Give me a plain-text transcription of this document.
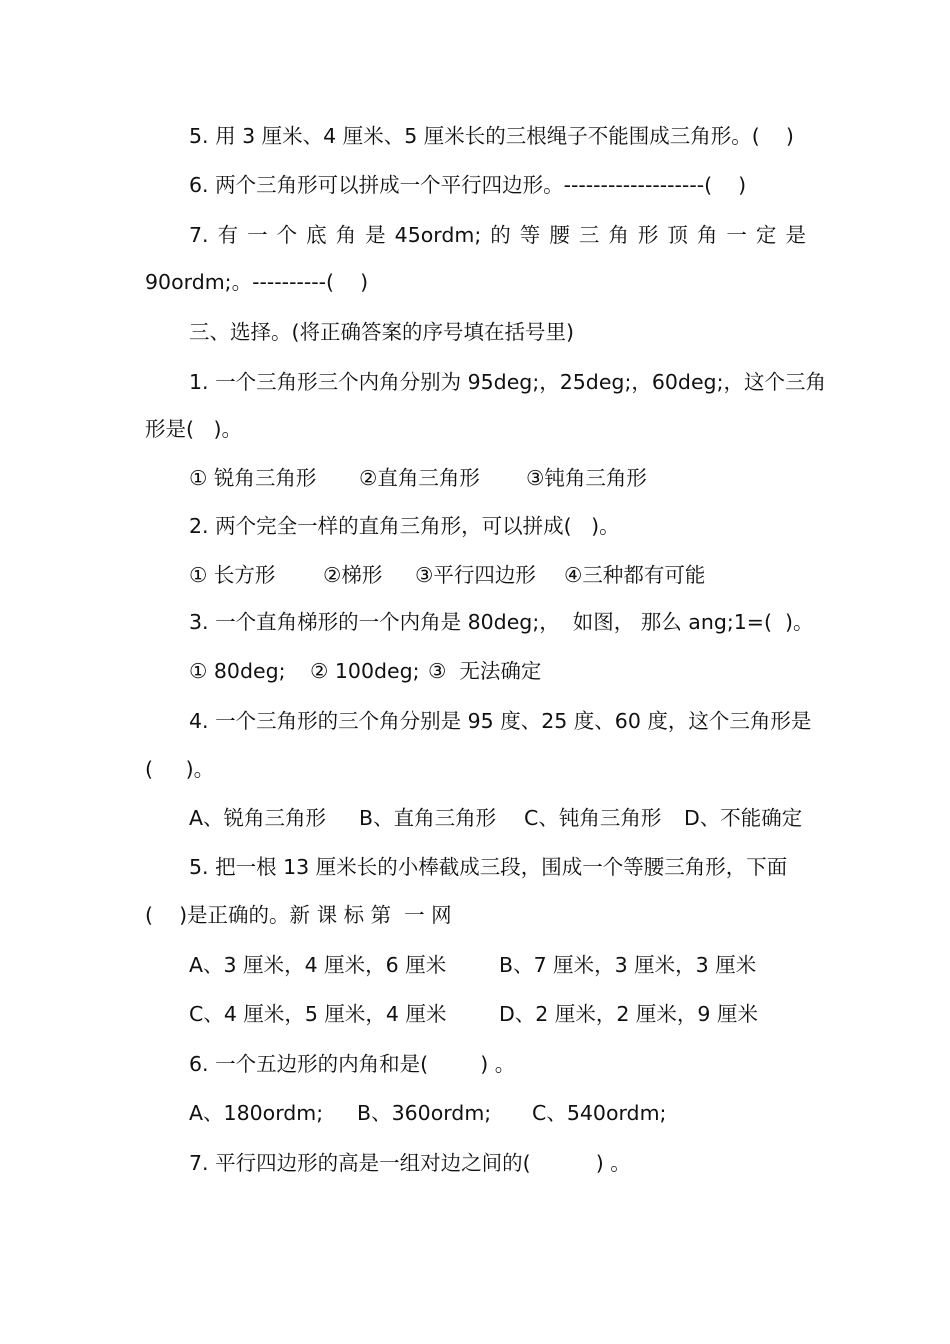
5. 用 3 厘米、4 厘米、5 厘米长的三根绳子不能围成三角形。(    )
6. 两个三角形可以拼成一个平行四边形。-------------------(    )
7. 有 一 个 底 角 是 45ordm; 的 等 腰 三 角 形 顶 角 一 定 是
90ordm;。----------(    )
三、选择。(将正确答案的序号填在括号里)
1. 一个三角形三个内角分别为 95deg;，25deg;，60deg;，这个三角
形是(   )。
① 锐角三角形 ②直角三角形 ③钝角三角形
2. 两个完全一样的直角三角形，可以拼成(   )。
① 长方形 ②梯形 ③平行四边形 ④三种都有可能
3. 一个直角梯形的一个内角是 80deg;，  如图， 那么 ang;1=(  )。
① 80deg; ② 100deg; ③  无法确定
4. 一个三角形的三个角分别是 95 度、25 度、60 度，这个三角形是
(     )。
A、锐角三角形 B、直角三角形 C、钝角三角形 D、不能确定
5. 把一根 13 厘米长的小棒截成三段，围成一个等腰三角形，下面
(    )是正确的。新 课 标 第  一 网
A、3 厘米，4 厘米，6 厘米	B、7 厘米，3 厘米，3 厘米
C、4 厘米，5 厘米，4 厘米	D、2 厘米，2 厘米，9 厘米
6. 一个五边形的内角和是(        ) 。
A、180ordm; B、360ordm; C、540ordm;
7. 平行四边形的高是一组对边之间的(          ) 。
